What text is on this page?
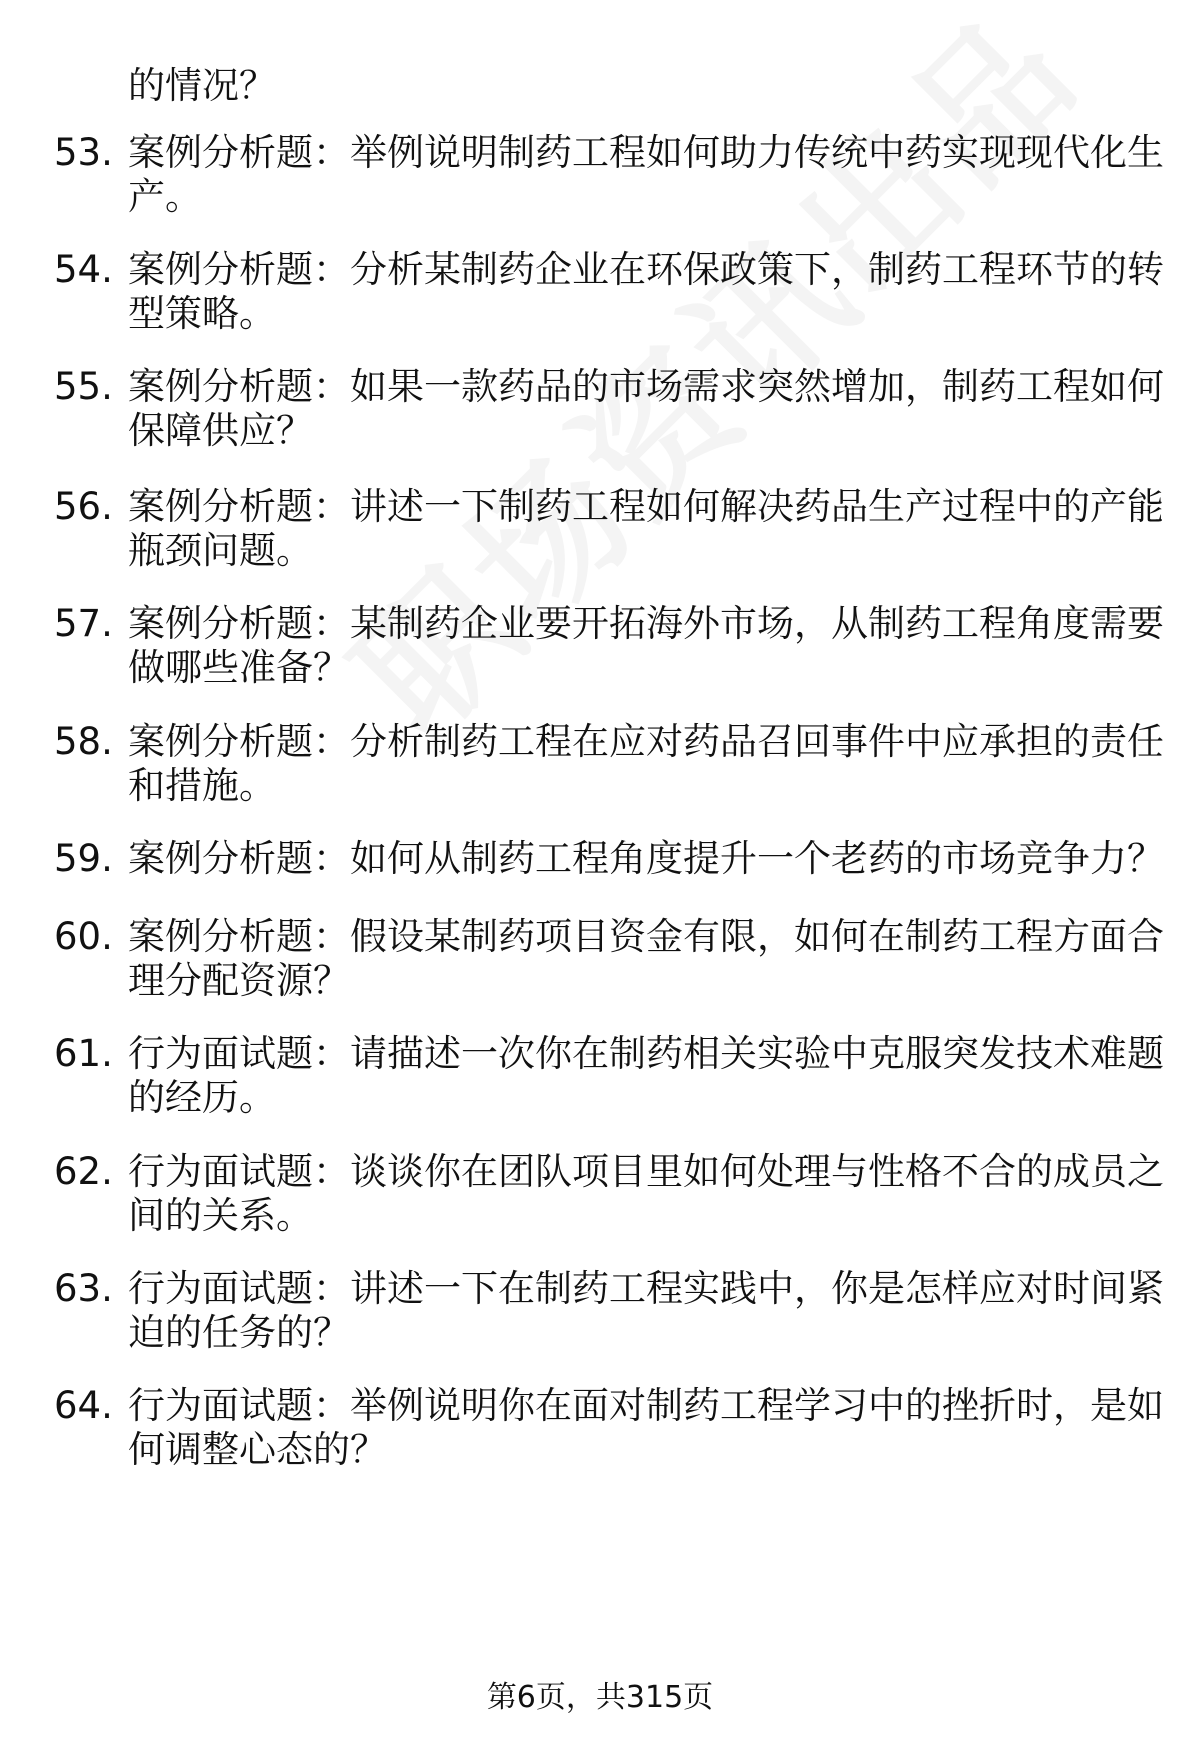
的情况？
53. 案例分析题：举例说明制药工程如何助力传统中药实现现代化生
产。
54. 案例分析题：分析某制药企业在环保政策下，制药工程环节的转
型策略。
55. 案例分析题：如果一款药品的市场需求突然增加，制药工程如何
保障供应？
56. 案例分析题：讲述一下制药工程如何解决药品生产过程中的产能
瓶颈问题。
57. 案例分析题：某制药企业要开拓海外市场，从制药工程角度需要
做哪些准备？
58. 案例分析题：分析制药工程在应对药品召回事件中应承担的责任
和措施。
59. 案例分析题：如何从制药工程角度提升一个老药的市场竞争力？
60. 案例分析题：假设某制药项目资金有限，如何在制药工程方面合
理分配资源？
61. 行为面试题：请描述一次你在制药相关实验中克服突发技术难题
的经历。
62. 行为面试题：谈谈你在团队项目里如何处理与性格不合的成员之
间的关系。
63. 行为面试题：讲述一下在制药工程实践中，你是怎样应对时间紧
迫的任务的？
64. 行为面试题：举例说明你在面对制药工程学习中的挫折时，是如
何调整心态的？
第6页，共315页
